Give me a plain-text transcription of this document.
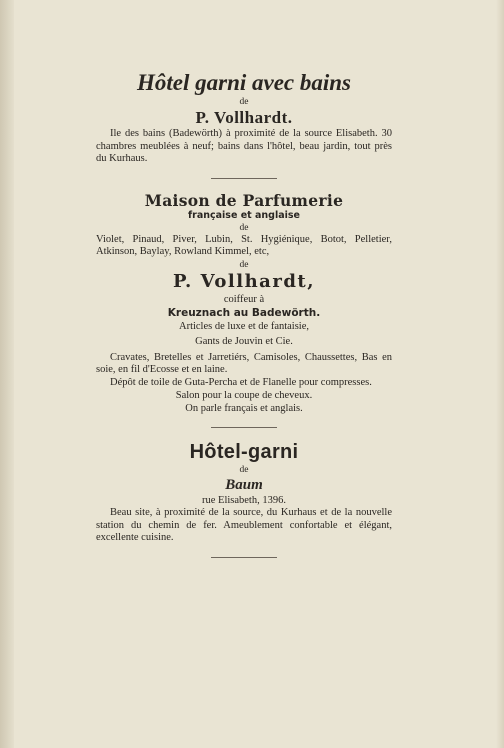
Hôtel garni avec bains
de
P. Vollhardt.

Ile des bains (Badewörth) à proximité de la source Elisabeth. 30 chambres meublées à neuf; bains dans l'hôtel, beau jardin, tout près du Kurhaus.

Maison de Parfumerie
française et anglaise
de
Violet, Pinaud, Piver, Lubin, St. Hygiénique, Botot, Pelletier, Atkinson, Baylay, Rowland Kimmel, etc,
de
P. Vollhardt,
coiffeur à
Kreuznach au Badewörth.
Articles de luxe et de fantaisie,
Gants de Jouvin et Cie.

Cravates, Bretelles et Jarretiérs, Camisoles, Chaussettes, Bas en soie, en fil d'Ecosse et en laine.

Dépôt de toile de Guta-Percha et de Flanelle pour compresses.

Salon pour la coupe de cheveux.
On parle français et anglais.
Hôtel-garni
de
Baum
rue Elisabeth, 1396.

Beau site, à proximité de la source, du Kurhaus et de la nouvelle station du chemin de fer. Ameublement confortable et élégant, excellente cuisine.
